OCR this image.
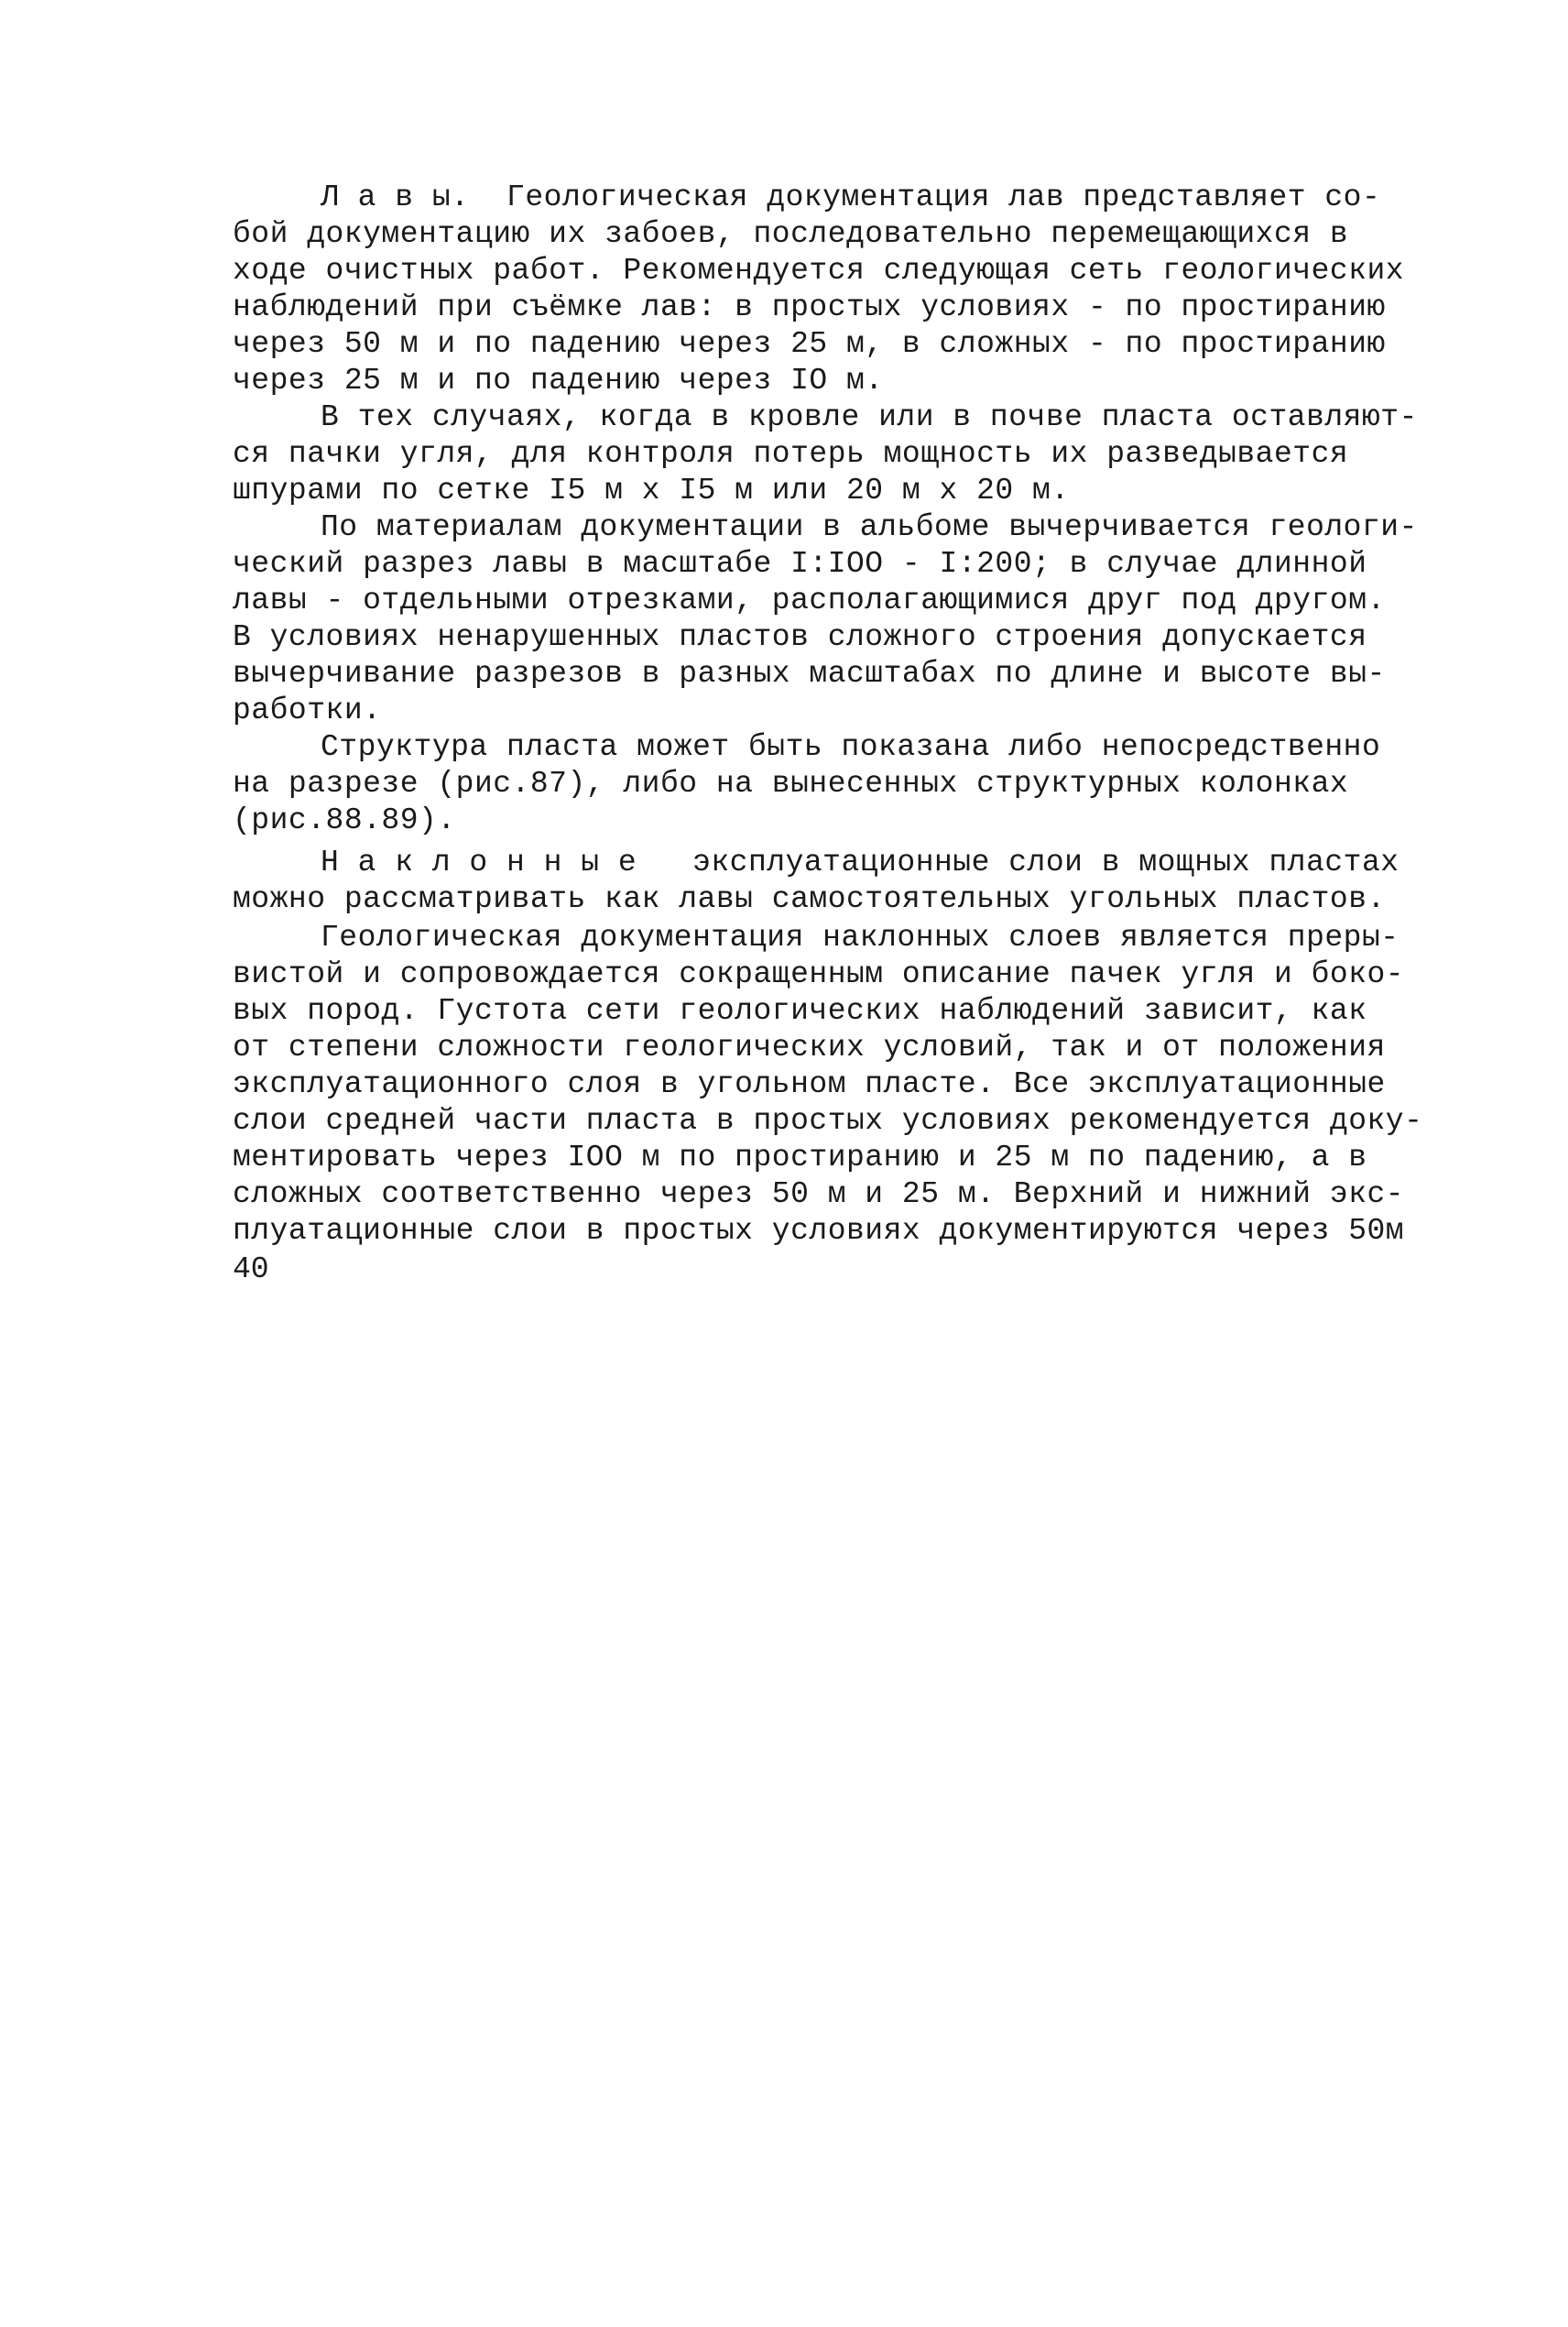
Л а в ы.  Геологическая документация лав представляет со-
бой документацию их забоев, последовательно перемещающихся в
ходе очистных работ. Рекомендуется следующая сеть геологических
наблюдений при съёмке лав: в простых условиях - по простиранию
через 50 м и по падению через 25 м, в сложных - по простиранию
через 25 м и по падению через IO м.
В тех случаях, когда в кровле или в почве пласта оставляют-
ся пачки угля, для контроля потерь мощность их разведывается
шпурами по сетке I5 м х I5 м или 20 м х 20 м.
По материалам документации в альбоме вычерчивается геологи-
ческий разрез лавы в масштабе I:IOO - I:200; в случае длинной
лавы - отдельными отрезками, располагающимися друг под другом.
В условиях ненарушенных пластов сложного строения допускается
вычерчивание разрезов в разных масштабах по длине и высоте вы-
работки.
Структура пласта может быть показана либо непосредственно
на разрезе (рис.87), либо на вынесенных структурных колонках
(рис.88.89).
Н а к л о н н ы е   эксплуатационные слои в мощных пластах
можно рассматривать как лавы самостоятельных угольных пластов.
Геологическая документация наклонных слоев является преры-
вистой и сопровождается сокращенным описание пачек угля и боко-
вых пород. Густота сети геологических наблюдений зависит, как
от степени сложности геологических условий, так и от положения
эксплуатационного слоя в угольном пласте. Все эксплуатационные
слои средней части пласта в простых условиях рекомендуется доку-
ментировать через IOO м по простиранию и 25 м по падению, а в
сложных соответственно через 50 м и 25 м. Верхний и нижний экс-
плуатационные слои в простых условиях документируются через 50м
40
